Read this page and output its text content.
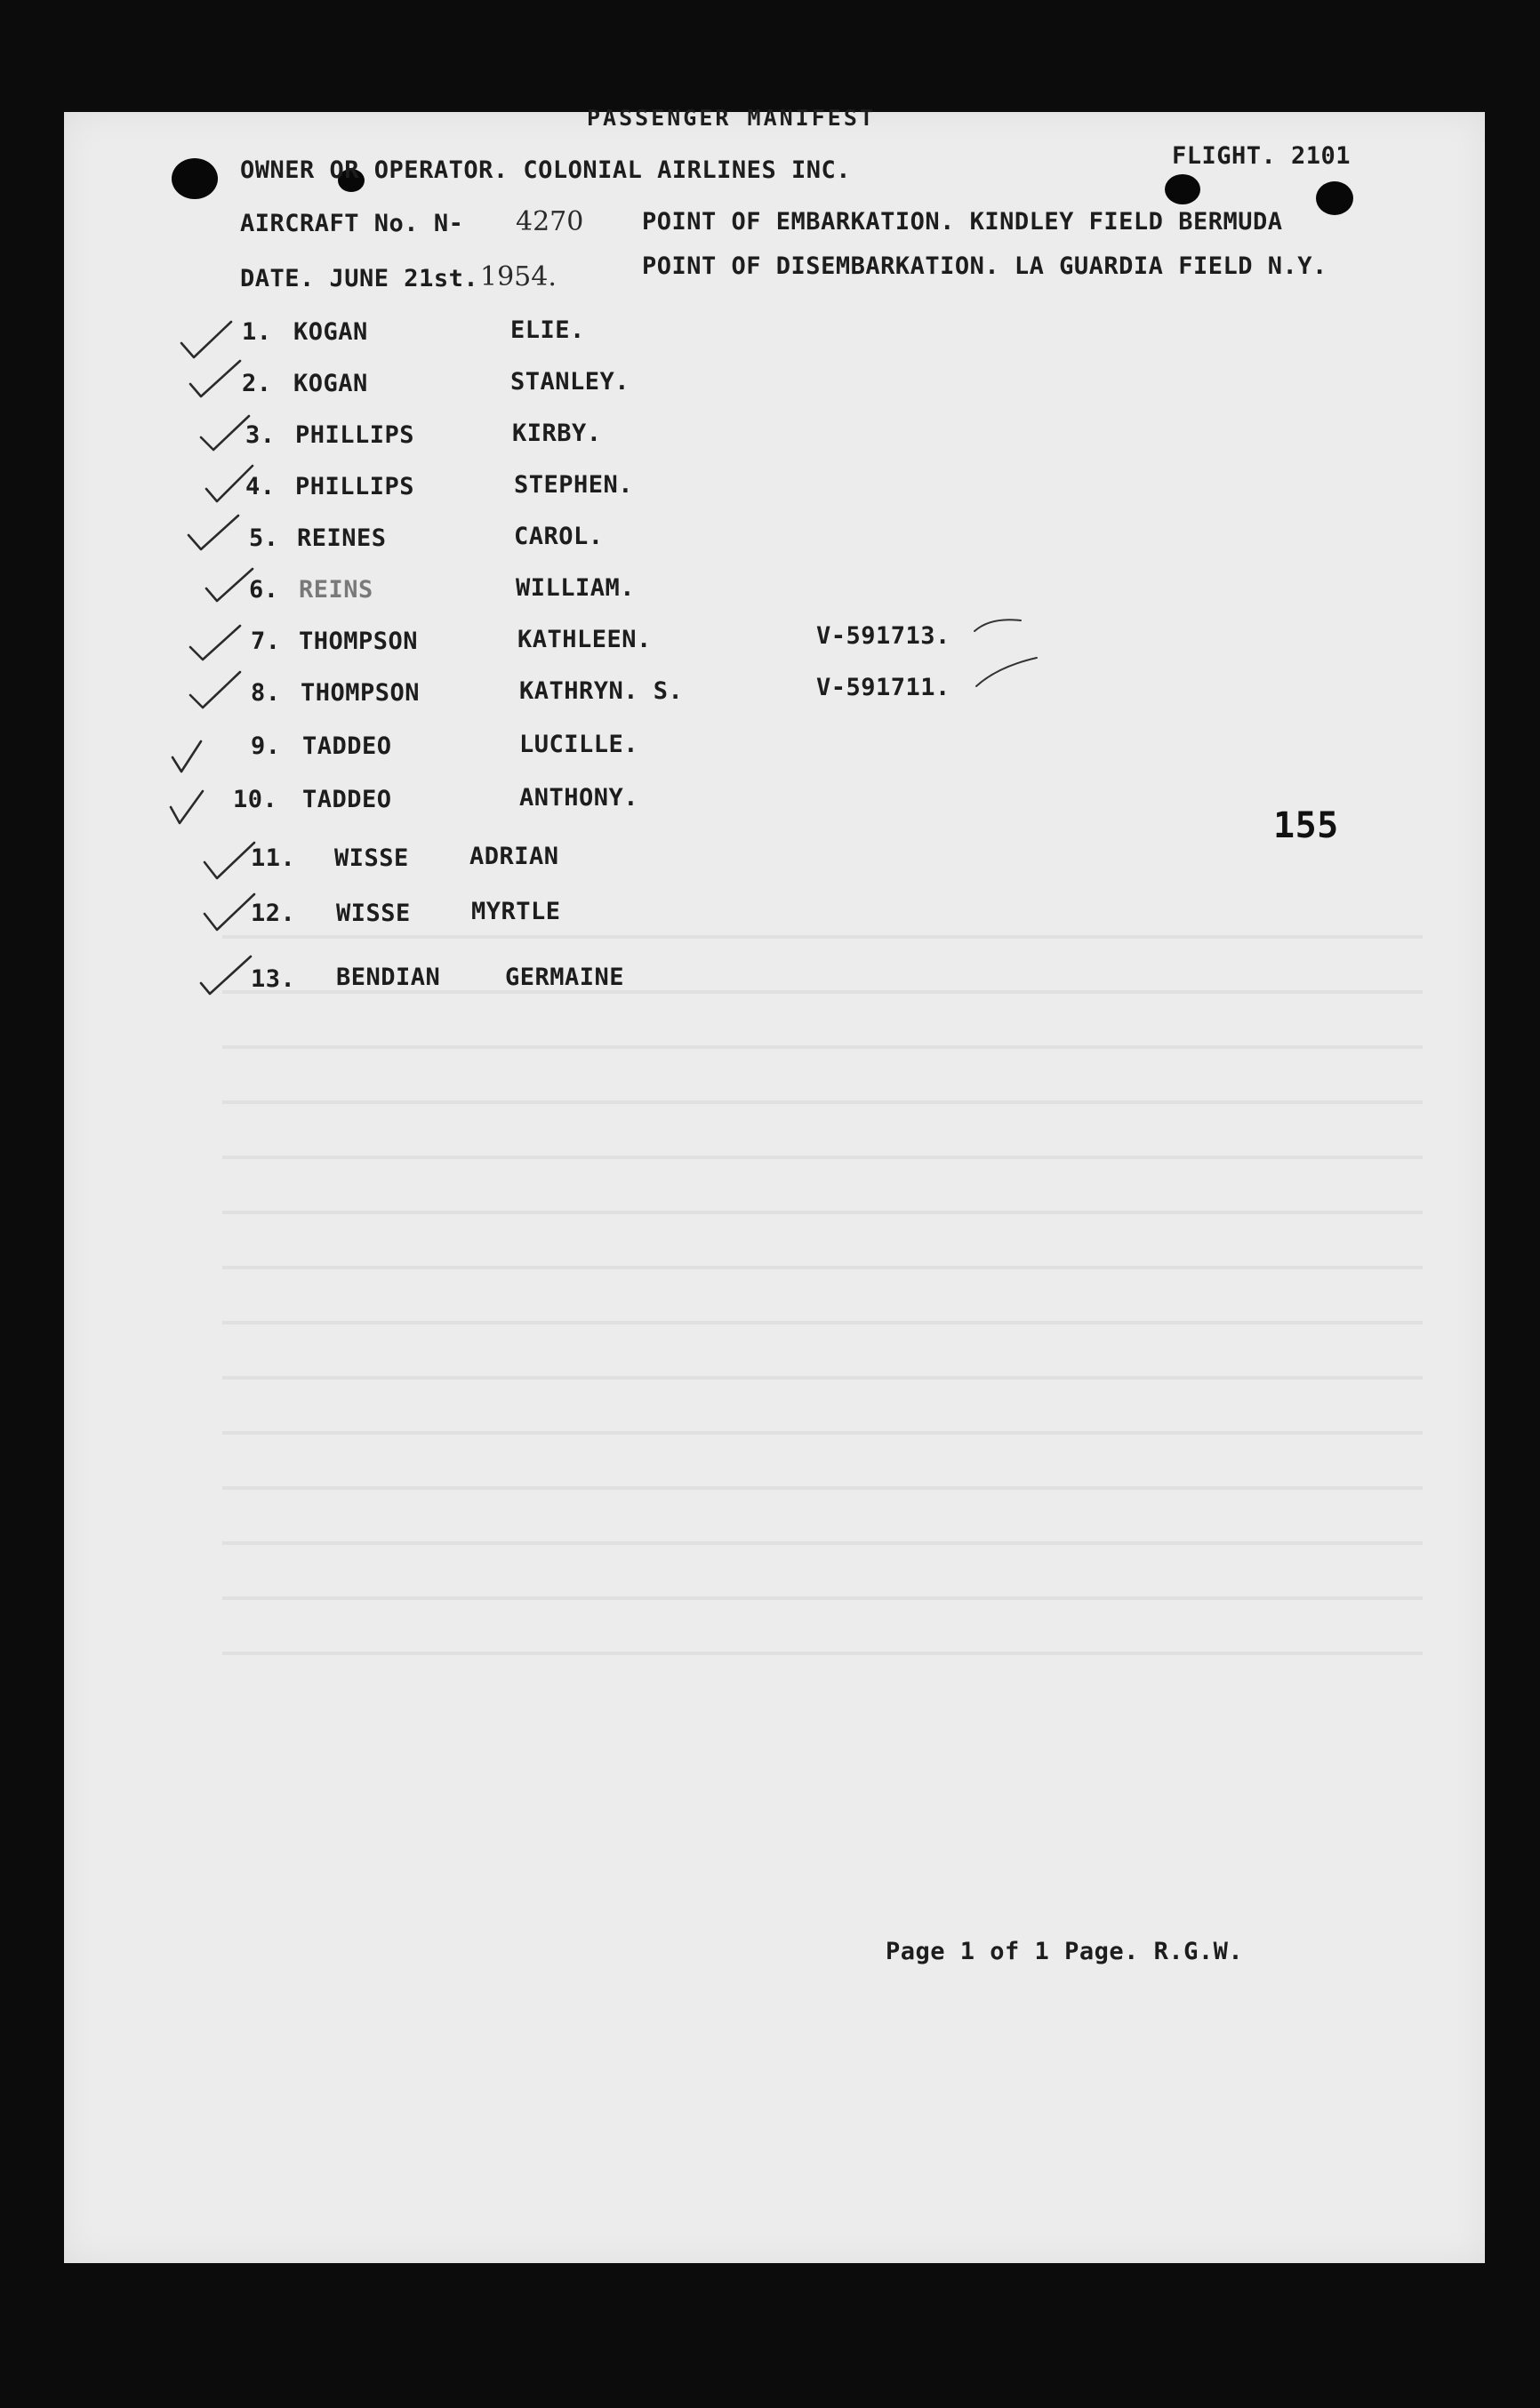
PASSENGER MANIFEST
OWNER OR OPERATOR. COLONIAL AIRLINES INC.
FLIGHT. 2101
AIRCRAFT No. N- 4270 POINT OF EMBARKATION. KINDLEY FIELD BERMUDA
DATE. JUNE 21st. 1954.	POINT OF DISEMBARKATION. LA GUARDIA FIELD N.Y.
1. KOGAN	ELIE.
2. KOGAN	STANLEY.
3. PHILLIPS	KIRBY.
4. PHILLIPS	STEPHEN.
5. REINES	CAROL.
6. REINS	WILLIAM.
7. THOMPSON	KATHLEEN.	V-591713.
8. THOMPSON	KATHRYN. S.	V-591711.
9. TADDEO	LUCILLE.
10. TADDEO	ANTHONY.
11. WISSE	ADRIAN
12. WISSE	MYRTLE
13. BENDIAN	GERMAINE
155
Page 1 of 1 Page. R.G.W.
